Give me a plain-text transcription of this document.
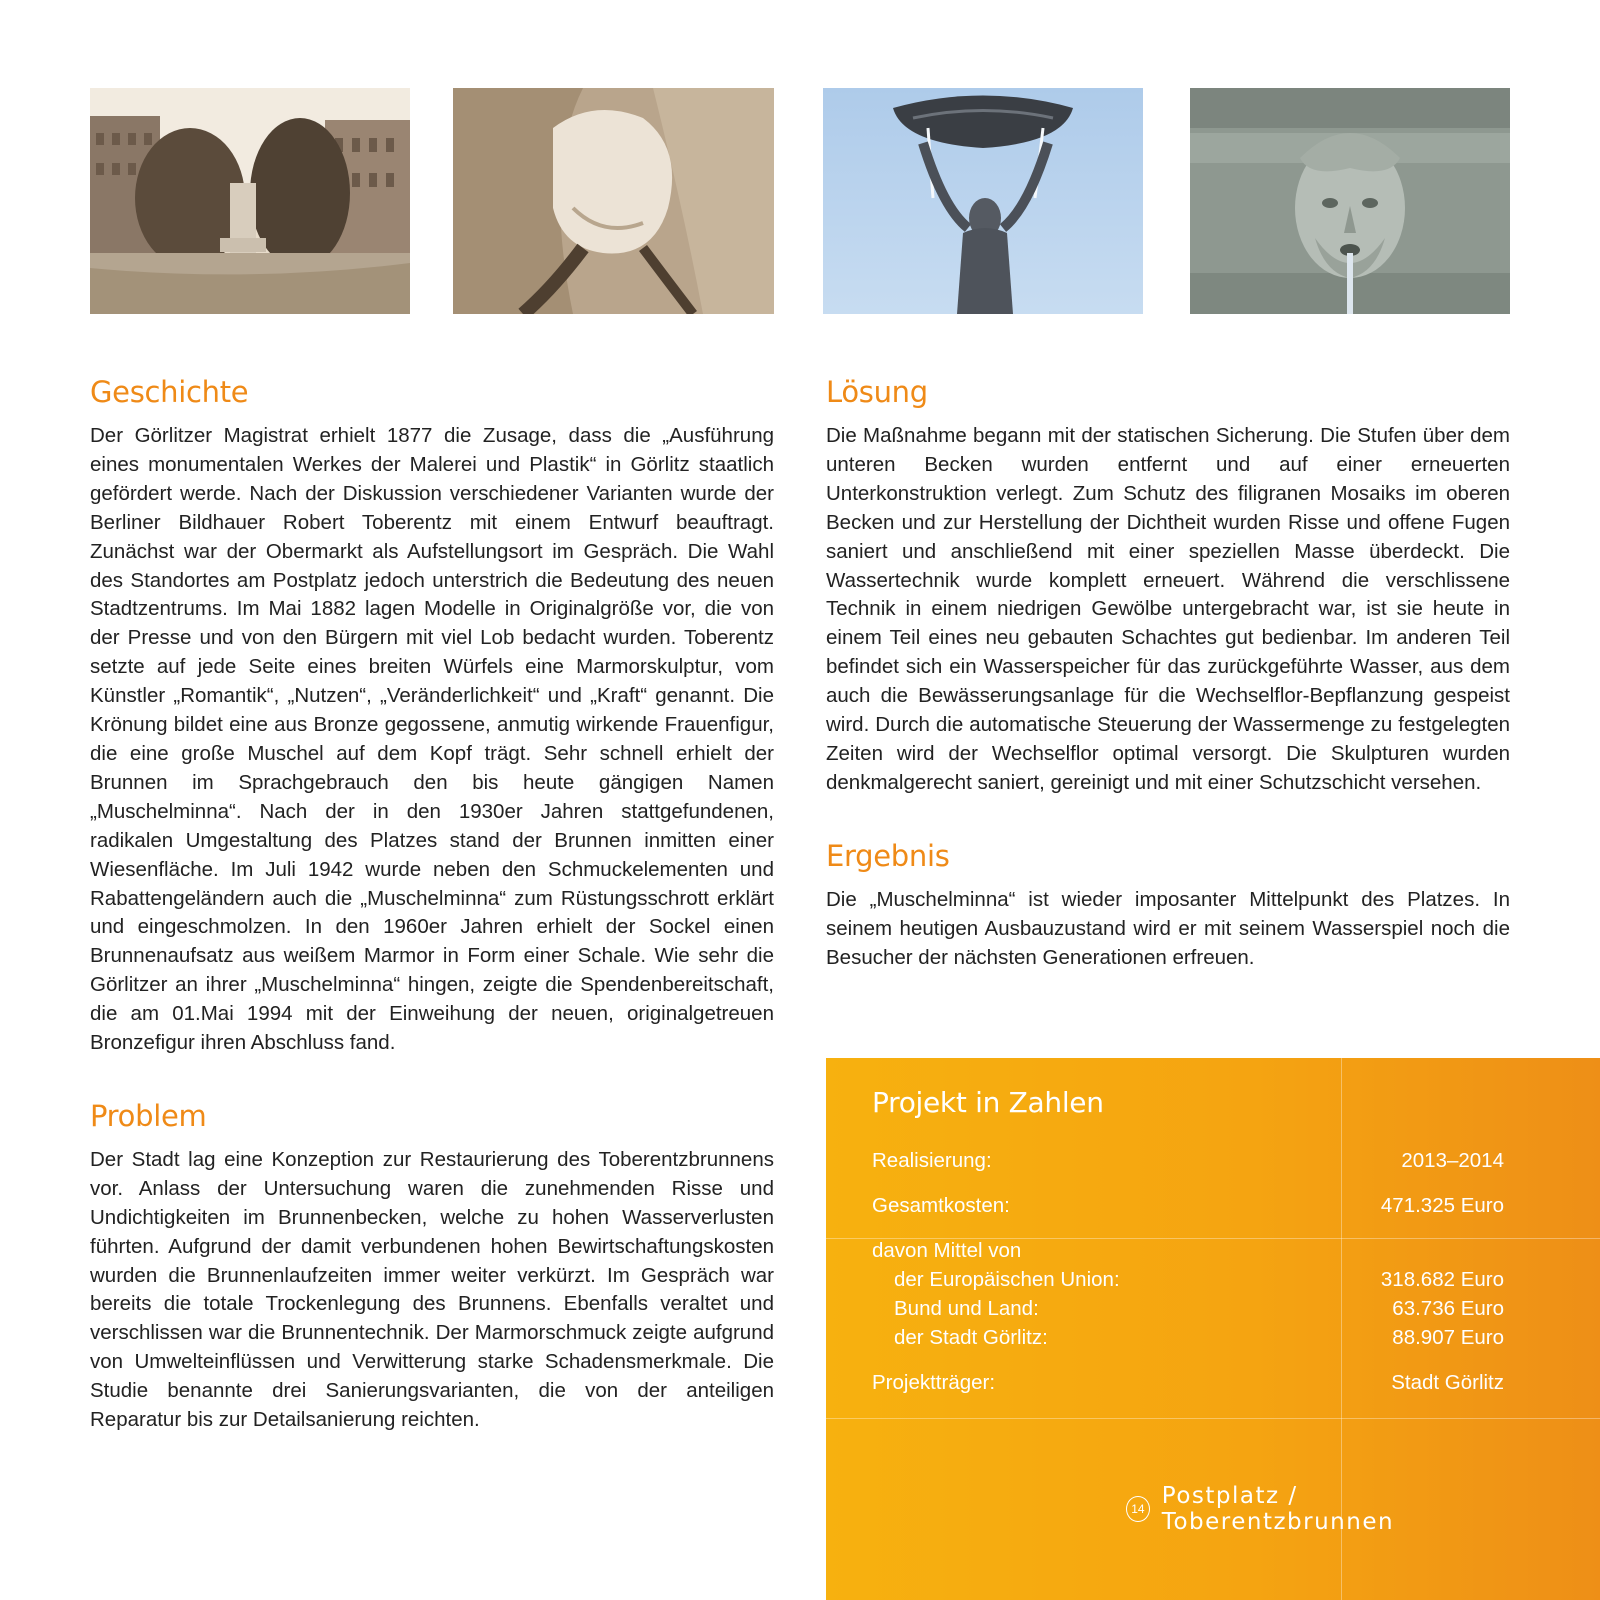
Geschichte

Der Görlitzer Magistrat erhielt 1877 die Zusage, dass die „Ausführung eines monumentalen Werkes der Malerei und Plastik“ in Görlitz staatlich gefördert werde. Nach der Diskussion verschiedener Varianten wurde der Berliner Bildhauer Robert Toberentz mit einem Entwurf beauftragt. Zunächst war der Obermarkt als Aufstellungsort im Gespräch. Die Wahl des Standortes am Postplatz jedoch unterstrich die Bedeutung des neuen Stadtzentrums. Im Mai 1882 lagen Modelle in Originalgröße vor, die von der Presse und von den Bürgern mit viel Lob bedacht wurden. Toberentz setzte auf jede Seite eines breiten Würfels eine Marmorskulptur, vom Künstler „Romantik“, „Nutzen“, „Veränderlichkeit“ und „Kraft“ genannt. Die Krönung bildet eine aus Bronze gegossene, anmutig wirkende Frauenfigur, die eine große Muschel auf dem Kopf trägt. Sehr schnell erhielt der Brunnen im Sprachgebrauch den bis heute gängigen Namen „Muschelminna“. Nach der in den 1930er Jahren stattgefundenen, radikalen Umgestaltung des Platzes stand der Brunnen inmitten einer Wiesenfläche. Im Juli 1942 wurde neben den Schmuckelementen und Rabattengeländern auch die „Muschelminna“ zum Rüstungsschrott erklärt und eingeschmolzen. In den 1960er Jahren erhielt der Sockel einen Brunnenaufsatz aus weißem Marmor in Form einer Schale. Wie sehr die Görlitzer an ihrer „Muschelminna“ hingen, zeigte die Spendenbereitschaft, die am 01.Mai 1994 mit der Einweihung der neuen, originalgetreuen Bronzefigur ihren Abschluss fand.

Problem

Der Stadt lag eine Konzeption zur Restaurierung des Toberentzbrunnens vor. Anlass der Untersuchung waren die zunehmenden Risse und Undichtigkeiten im Brunnenbecken, welche zu hohen Wasserverlusten führten. Aufgrund der damit verbundenen hohen Bewirtschaftungskosten wurden die Brunnenlaufzeiten immer weiter verkürzt. Im Gespräch war bereits die totale Trockenlegung des Brunnens. Ebenfalls veraltet und verschlissen war die Brunnentechnik. Der Marmorschmuck zeigte aufgrund von Umwelteinflüssen und Verwitterung starke Schadensmerkmale. Die Studie benannte drei Sanierungsvarianten, die von der anteiligen Reparatur bis zur Detailsanierung reichten.

Lösung

Die Maßnahme begann mit der statischen Sicherung. Die Stufen über dem unteren Becken wurden entfernt und auf einer erneuerten Unterkonstruktion verlegt. Zum Schutz des filigranen Mosaiks im oberen Becken und zur Herstellung der Dichtheit wurden Risse und offene Fugen saniert und anschließend mit einer speziellen Masse überdeckt. Die Wassertechnik wurde komplett erneuert. Während die verschlissene Technik in einem niedrigen Gewölbe untergebracht war, ist sie heute in einem Teil eines neu gebauten Schachtes gut bedienbar. Im anderen Teil befindet sich ein Wasserspeicher für das zurückgeführte Wasser, aus dem auch die Bewässerungsanlage für die Wechselflor-Bepflanzung gespeist wird. Durch die automatische Steuerung der Wassermenge zu festgelegten Zeiten wird der Wechselflor optimal versorgt. Die Skulpturen wurden denkmalgerecht saniert, gereinigt und mit einer Schutzschicht versehen.

Ergebnis

Die „Muschelminna“ ist wieder imposanter Mittelpunkt des Platzes. In seinem heutigen Ausbauzustand wird er mit seinem Wasserspiel noch die Besucher der nächsten Generationen erfreuen.

Projekt in Zahlen
Realisierung:	2013–2014
Gesamtkosten:	471.325 Euro
davon Mittel von
der Europäischen Union:	318.682 Euro
Bund und Land:	63.736 Euro
der Stadt Görlitz:	88.907 Euro
Projektträger:	Stadt Görlitz
14 Postplatz / Toberentzbrunnen
